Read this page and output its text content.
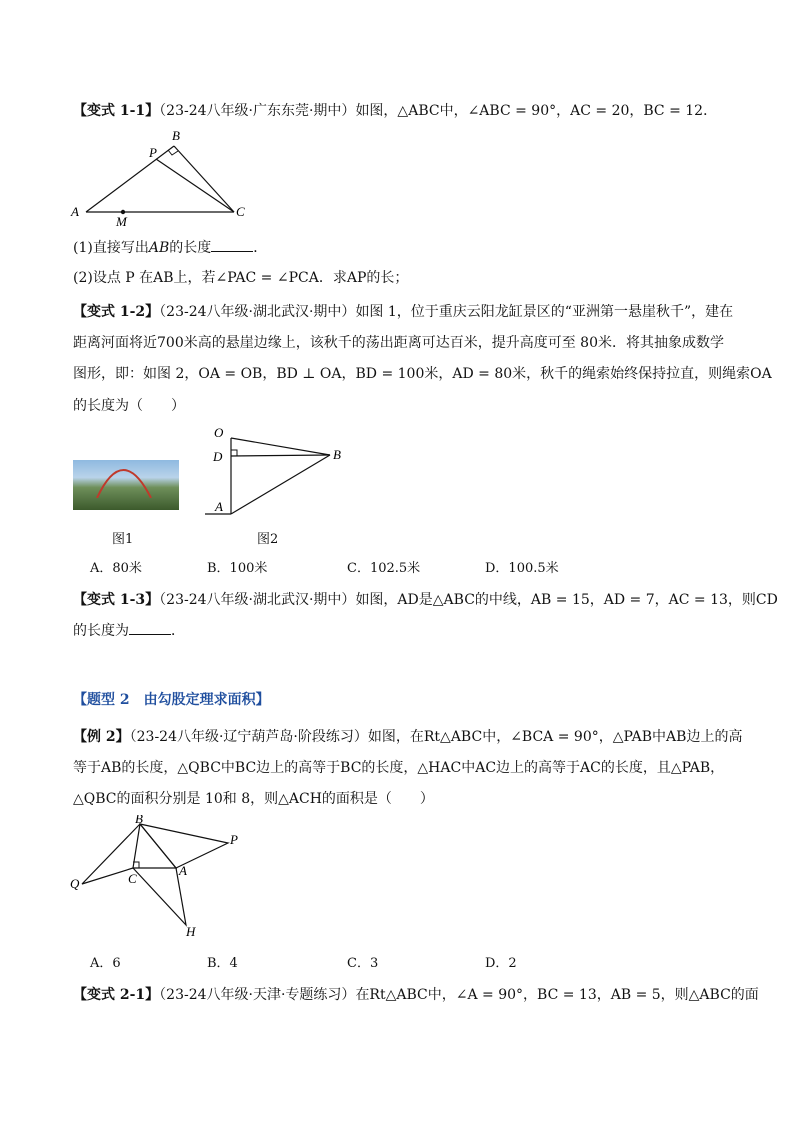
【变式 1-1】（23-24八年级·广东东莞·期中）如图，△ABC中，∠ABC = 90°，AC = 20，BC = 12．
A
B
C
P
M
(1)直接写出AB的长度	．
(2)设点 P 在AB上，若∠PAC = ∠PCA．求AP的长；
【变式 1-2】（23-24八年级·湖北武汉·期中）如图 1，位于重庆云阳龙缸景区的“亚洲第一悬崖秋千”，建在
距离河面将近700米高的悬崖边缘上，该秋千的荡出距离可达百米，提升高度可至 80米．将其抽象成数学
图形，即：如图 2，OA = OB，BD ⊥ OA，BD = 100米，AD = 80米，秋千的绳索始终保持拉直，则绳索OA
的长度为（　　）
O
D
A
B
图1	图2
A．80米	B．100米	C．102.5米	D．100.5米
【变式 1-3】（23-24八年级·湖北武汉·期中）如图，AD是△ABC的中线，AB = 15，AD = 7，AC = 13，则CD
的长度为	．
【题型 2　由勾股定理求面积】
【例 2】（23-24八年级·辽宁葫芦岛·阶段练习）如图，在Rt△ABC中，∠BCA = 90°，△PAB中AB边上的高
等于AB的长度，△QBC中BC边上的高等于BC的长度，△HAC中AC边上的高等于AC的长度，且△PAB，
△QBC的面积分别是 10和 8，则△ACH的面积是（　　）
B
P
Q	C
A
H
A．6	B．4	C．3	D．2
【变式 2-1】（23-24八年级·天津·专题练习）在Rt△ABC中，∠A = 90°，BC = 13，AB = 5，则△ABC的面
